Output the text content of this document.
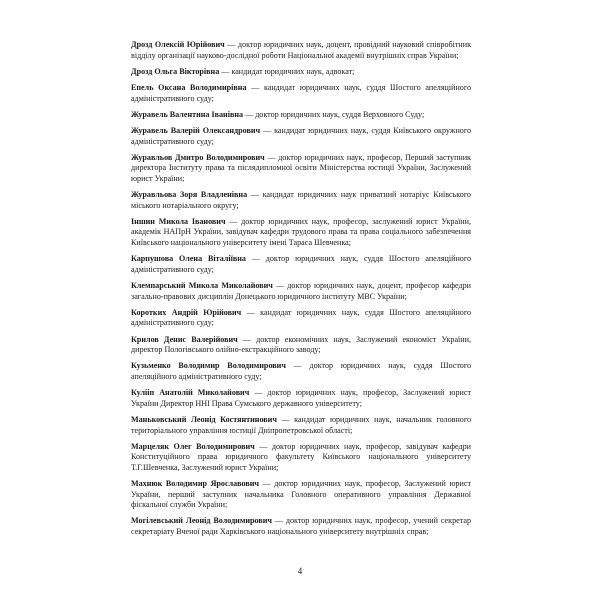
Дрозд Олексій Юрійович — доктор юридичних наук, доцент, провідний науковий співробітник відділу організації науково-дослідної роботи Національної академії внутрішніх справ України;
Дрозд Ольга Вікторівна — кандидат юридичних наук, адвокат;
Епель Оксана Володимирівна — кандидат юридичних наук, суддя Шостого апеляційного адміністративного суду;
Журавель Валентина Іванівна — доктор юридичних наук, суддя Верховного Суду;
Журавель Валерій Олександрович — кандидат юридичних наук, суддя Київського окружного адміністративного суду;
Журавльов Дмитро Володимирович — доктор юридичних наук, професор, Перший заступник директора Інституту права та післядипломної освіти Міністерства юстиції України, Заслужений юрист України;
Журавльова Зоря Владленівна — кандидат юридичних наук приватний нотаріус Київського міського нотаріального округу;
Іншин Микола Іванович — доктор юридичних наук, професор, заслужений юрист України, академік НАПрН України, завідувач кафедри трудового права та права соціального забезпечення Київського національного університету імені Тараса Шевченка;
Карпушова Олена Віталіївна — доктор юридичних наук, суддя Шостого апеляційного адміністративного суду;
Клемпарський Микола Миколайович — доктор юридичних наук, доцент, професор кафедри загально-правових дисциплін Донецького юридичного інституту МВС України;
Коротких Андрій Юрійович — кандидат юридичних наук, суддя Шостого апеляційного адміністративного суду;
Крилов Денис Валерійович — доктор економічних наук, Заслужений економіст України, директор Пологівського олійно-екстракційного заводу;
Кузьменко Володимир Володимирович — доктор юридичних наук, суддя Шостого апеляційного адміністративного суду;
Кулііп Анатолій Миколайович — доктор юридичних наук, професор, Заслужений юрист України Директор ННІ Права Сумського державного університету;
Маньковський Леонід Костянтинович — кандидат юридичних наук, начальник головного територіального управління юстиції Дніпропетровської області;
Марцеляк Олег Володимирович — доктор юридичних наук, професор, завідувач кафедри Конституційного права юридичного факультету Київського національного університету Т.Г.Шевченка, Заслужений юрист України;
Махнюк Володимир Ярославович — доктор юридичних наук, професор, Заслужений юрист України, перший заступник начальника Головного оперативного управління Державної фіскальної служби України;
Могілевський Леонід Володимирович — доктор юридичних наук, професор, учений секретар секретаріату Вченої ради Харківського національного університету внутрішніх справ;
4
